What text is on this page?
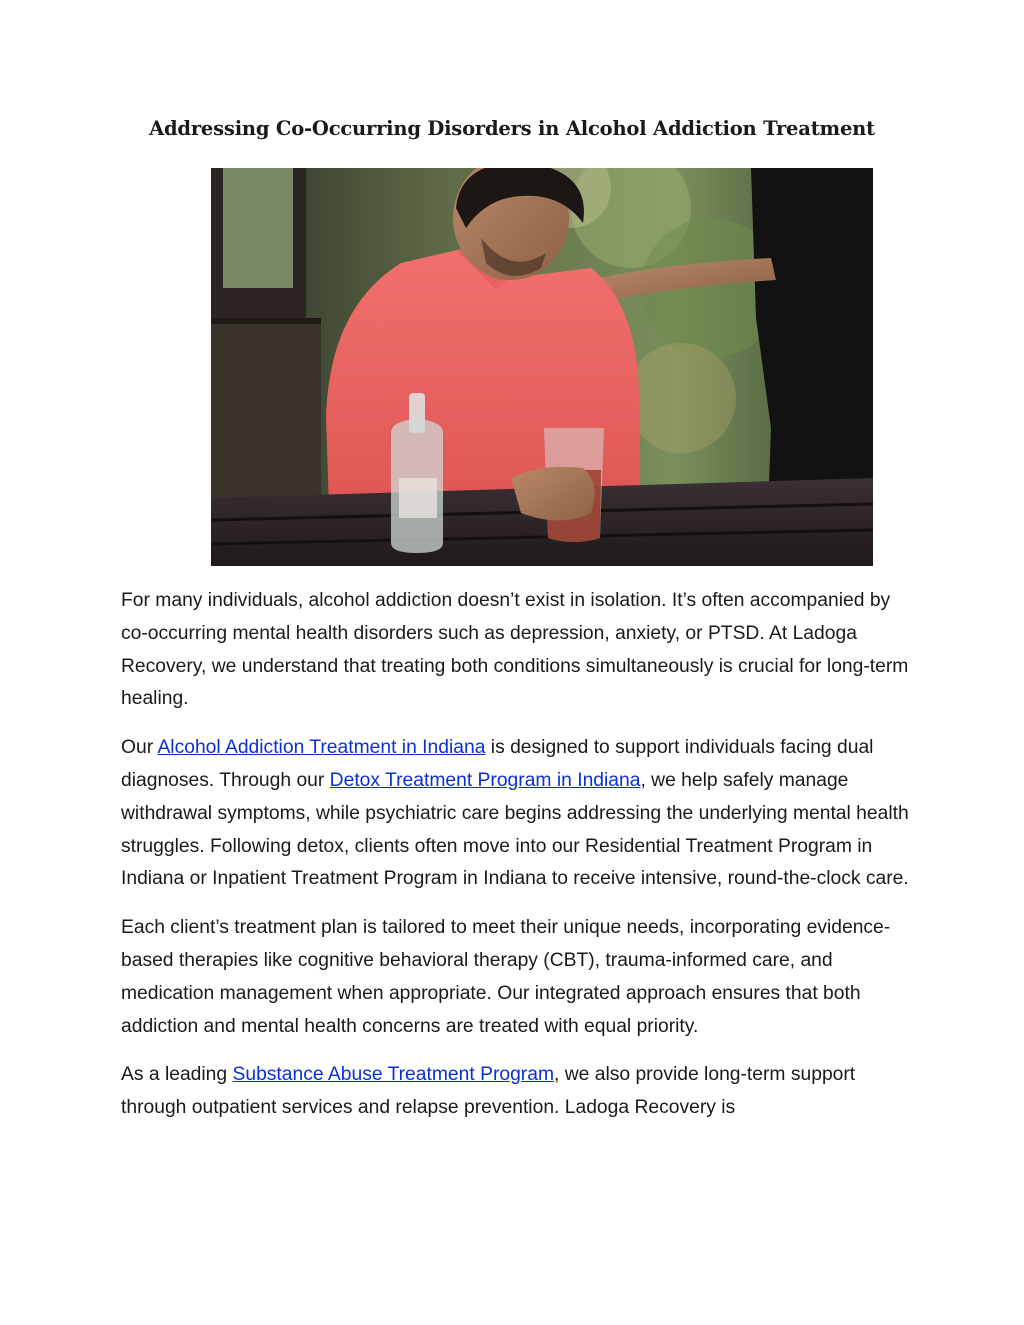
Addressing Co-Occurring Disorders in Alcohol Addiction Treatment

For many individuals, alcohol addiction doesn’t exist in isolation. It’s often accompanied by co-occurring mental health disorders such as depression, anxiety, or PTSD. At Ladoga Recovery, we understand that treating both conditions simultaneously is crucial for long-term healing.

Our Alcohol Addiction Treatment in Indiana is designed to support individuals facing dual diagnoses. Through our Detox Treatment Program in Indiana, we help safely manage withdrawal symptoms, while psychiatric care begins addressing the underlying mental health struggles. Following detox, clients often move into our Residential Treatment Program in Indiana or Inpatient Treatment Program in Indiana to receive intensive, round-the-clock care.

Each client’s treatment plan is tailored to meet their unique needs, incorporating evidence-based therapies like cognitive behavioral therapy (CBT), trauma-informed care, and medication management when appropriate. Our integrated approach ensures that both addiction and mental health concerns are treated with equal priority.

As a leading Substance Abuse Treatment Program, we also provide long-term support through outpatient services and relapse prevention. Ladoga Recovery is
